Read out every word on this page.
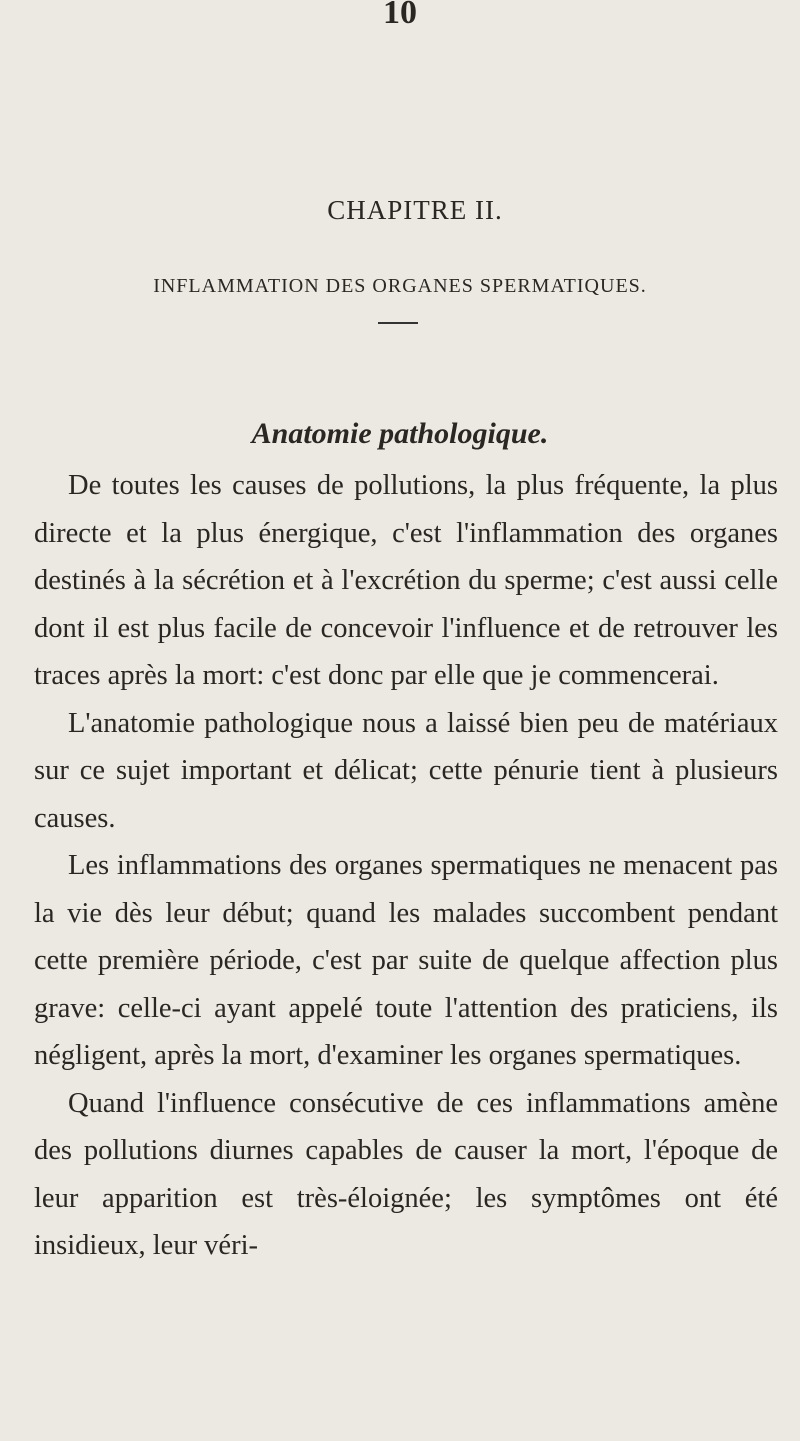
10
CHAPITRE II.
INFLAMMATION DES ORGANES SPERMATIQUES.
Anatomie pathologique.

De toutes les causes de pollutions, la plus fréquente, la plus directe et la plus énergique, c'est l'inflammation des organes destinés à la sécrétion et à l'excrétion du sperme; c'est aussi celle dont il est plus facile de concevoir l'influence et de retrouver les traces après la mort: c'est donc par elle que je commencerai.

L'anatomie pathologique nous a laissé bien peu de matériaux sur ce sujet important et délicat; cette pénurie tient à plusieurs causes.

Les inflammations des organes spermatiques ne menacent pas la vie dès leur début; quand les malades succombent pendant cette première période, c'est par suite de quelque affection plus grave: celle-ci ayant appelé toute l'attention des praticiens, ils négligent, après la mort, d'examiner les organes spermatiques.

Quand l'influence consécutive de ces inflammations amène des pollutions diurnes capables de causer la mort, l'époque de leur apparition est très-éloignée; les symptômes ont été insidieux, leur véri-
